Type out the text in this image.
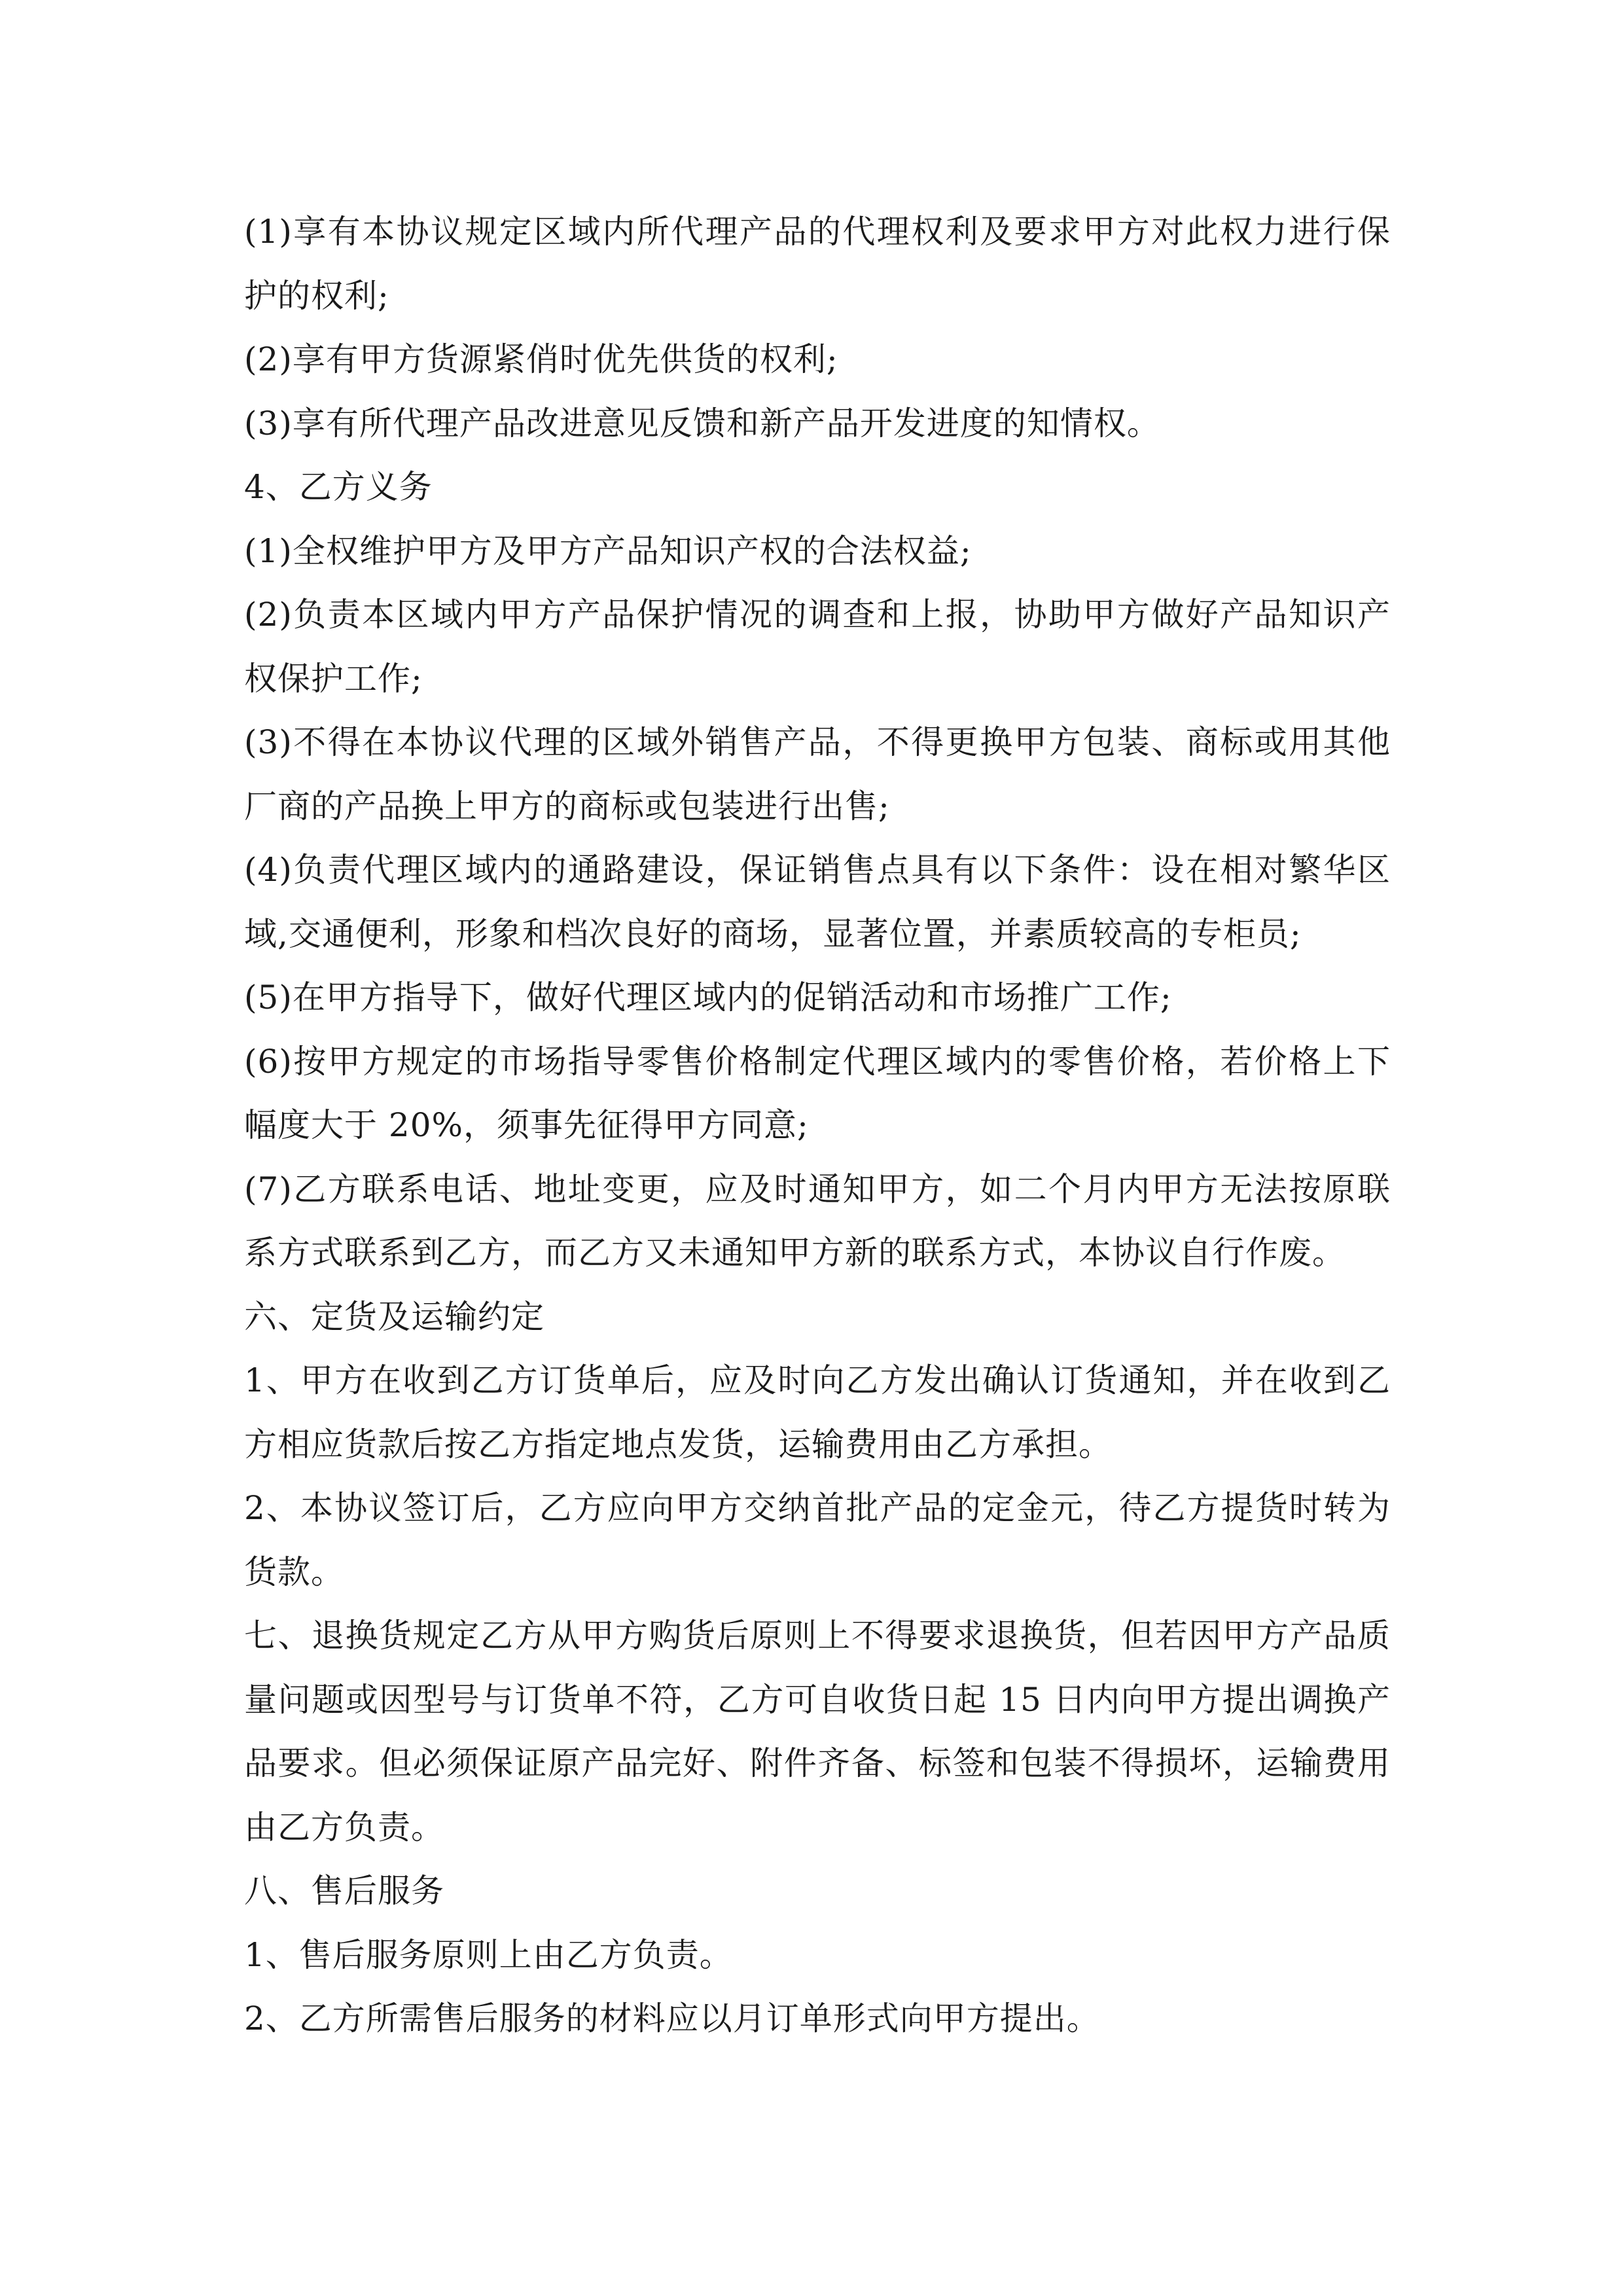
(1)享有本协议规定区域内所代理产品的代理权利及要求甲方对此权力进行保护的权利;

(2)享有甲方货源紧俏时优先供货的权利;

(3)享有所代理产品改进意见反馈和新产品开发进度的知情权。

4、乙方义务

(1)全权维护甲方及甲方产品知识产权的合法权益;

(2)负责本区域内甲方产品保护情况的调查和上报，协助甲方做好产品知识产权保护工作;

(3)不得在本协议代理的区域外销售产品，不得更换甲方包装、商标或用其他厂商的产品换上甲方的商标或包装进行出售;

(4)负责代理区域内的通路建设，保证销售点具有以下条件：设在相对繁华区域,交通便利，形象和档次良好的商场，显著位置，并素质较高的专柜员;

(5)在甲方指导下，做好代理区域内的促销活动和市场推广工作;

(6)按甲方规定的市场指导零售价格制定代理区域内的零售价格，若价格上下幅度大于 20%，须事先征得甲方同意;

(7)乙方联系电话、地址变更，应及时通知甲方，如二个月内甲方无法按原联系方式联系到乙方，而乙方又未通知甲方新的联系方式，本协议自行作废。

六、定货及运输约定

1、甲方在收到乙方订货单后，应及时向乙方发出确认订货通知，并在收到乙方相应货款后按乙方指定地点发货，运输费用由乙方承担。

2、本协议签订后，乙方应向甲方交纳首批产品的定金元，待乙方提货时转为货款。

七、退换货规定乙方从甲方购货后原则上不得要求退换货，但若因甲方产品质量问题或因型号与订货单不符，乙方可自收货日起 15 日内向甲方提出调换产品要求。但必须保证原产品完好、附件齐备、标签和包装不得损坏，运输费用由乙方负责。

八、售后服务

1、售后服务原则上由乙方负责。

2、乙方所需售后服务的材料应以月订单形式向甲方提出。
